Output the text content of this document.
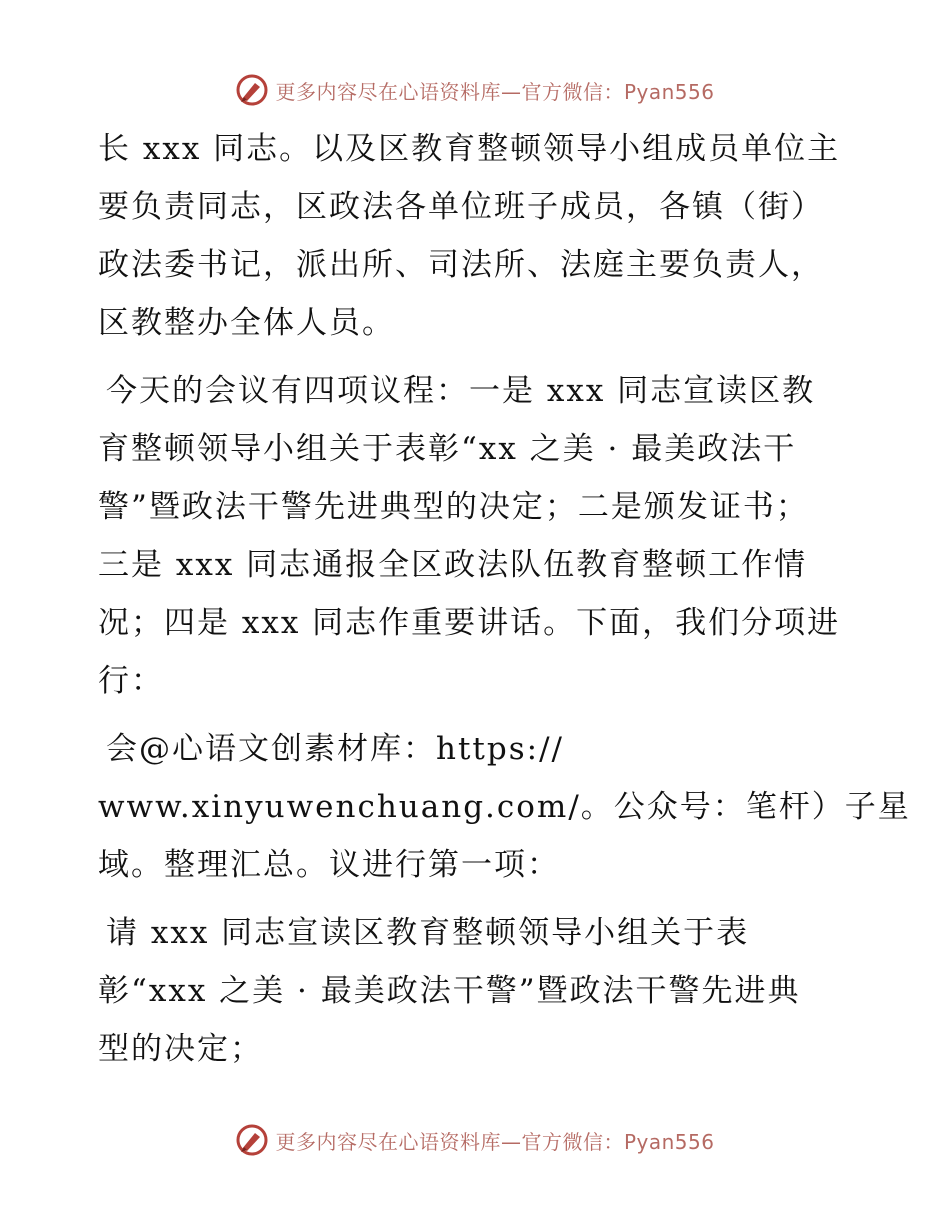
更多内容尽在心语资料库—官方微信：Pyan556
长 xxx 同志。以及区教育整顿领导小组成员单位主
要负责同志，区政法各单位班子成员，各镇（街）
政法委书记，派出所、司法所、法庭主要负责人，
区教整办全体人员。
今天的会议有四项议程：一是 xxx 同志宣读区教
育整顿领导小组关于表彰“xx 之美 · 最美政法干
警”暨政法干警先进典型的决定；二是颁发证书；
三是 xxx 同志通报全区政法队伍教育整顿工作情
况；四是 xxx 同志作重要讲话。下面，我们分项进
行：
会@心语文创素材库：https://
www.xinyuwenchuang.com/。公众号：笔杆）子星
域。整理汇总。议进行第一项：
请 xxx 同志宣读区教育整顿领导小组关于表
彰“xxx 之美 · 最美政法干警”暨政法干警先进典
型的决定；
更多内容尽在心语资料库—官方微信：Pyan556
